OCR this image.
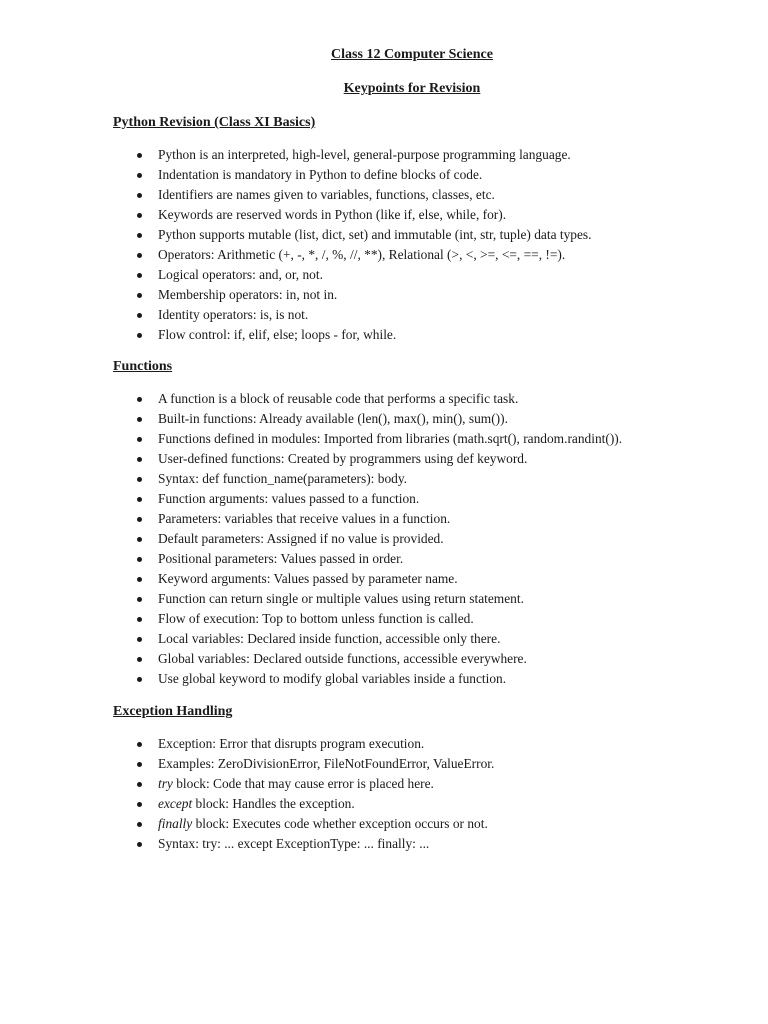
Class 12 Computer Science
Keypoints for Revision
Python Revision (Class XI Basics)
Python is an interpreted, high-level, general-purpose programming language.
Indentation is mandatory in Python to define blocks of code.
Identifiers are names given to variables, functions, classes, etc.
Keywords are reserved words in Python (like if, else, while, for).
Python supports mutable (list, dict, set) and immutable (int, str, tuple) data types.
Operators: Arithmetic (+, -, *, /, %, //, **), Relational (>, <, >=, <=, ==, !=).
Logical operators: and, or, not.
Membership operators: in, not in.
Identity operators: is, is not.
Flow control: if, elif, else; loops - for, while.
Functions
A function is a block of reusable code that performs a specific task.
Built-in functions: Already available (len(), max(), min(), sum()).
Functions defined in modules: Imported from libraries (math.sqrt(), random.randint()).
User-defined functions: Created by programmers using def keyword.
Syntax: def function_name(parameters): body.
Function arguments: values passed to a function.
Parameters: variables that receive values in a function.
Default parameters: Assigned if no value is provided.
Positional parameters: Values passed in order.
Keyword arguments: Values passed by parameter name.
Function can return single or multiple values using return statement.
Flow of execution: Top to bottom unless function is called.
Local variables: Declared inside function, accessible only there.
Global variables: Declared outside functions, accessible everywhere.
Use global keyword to modify global variables inside a function.
Exception Handling
Exception: Error that disrupts program execution.
Examples: ZeroDivisionError, FileNotFoundError, ValueError.
try block: Code that may cause error is placed here.
except block: Handles the exception.
finally block: Executes code whether exception occurs or not.
Syntax: try: ... except ExceptionType: ... finally: ...
